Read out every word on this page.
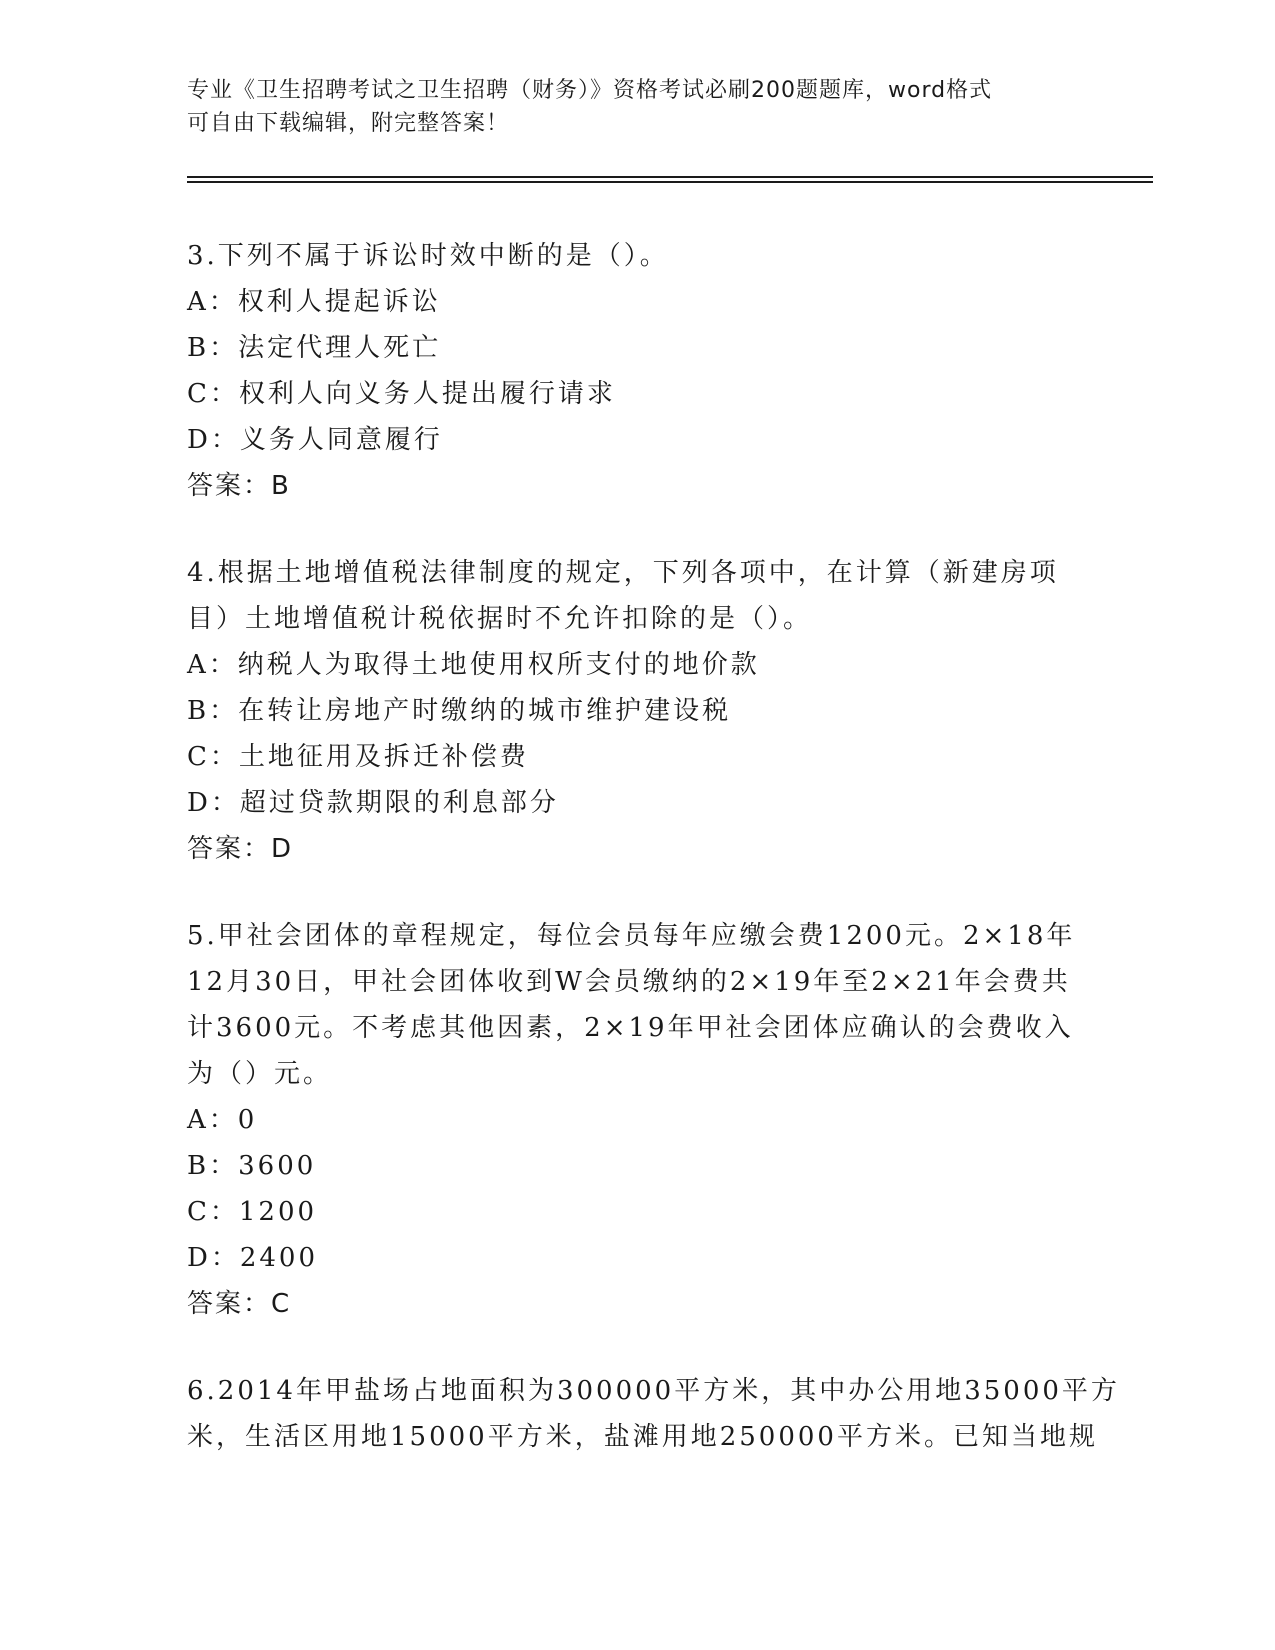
专业《卫生招聘考试之卫生招聘（财务）》资格考试必刷200题题库，word格式
可自由下载编辑，附完整答案！
3.下列不属于诉讼时效中断的是（）。
A：权利人提起诉讼
B：法定代理人死亡
C：权利人向义务人提出履行请求
D：义务人同意履行
答案：B
4.根据土地增值税法律制度的规定，下列各项中，在计算（新建房项
目）土地增值税计税依据时不允许扣除的是（）。
A：纳税人为取得土地使用权所支付的地价款
B：在转让房地产时缴纳的城市维护建设税
C：土地征用及拆迁补偿费
D：超过贷款期限的利息部分
答案：D
5.甲社会团体的章程规定，每位会员每年应缴会费1200元。2×18年
12月30日，甲社会团体收到W会员缴纳的2×19年至2×21年会费共
计3600元。不考虑其他因素，2×19年甲社会团体应确认的会费收入
为（）元。
A：0
B：3600
C：1200
D：2400
答案：C
6.2014年甲盐场占地面积为300000平方米，其中办公用地35000平方
米，生活区用地15000平方米，盐滩用地250000平方米。已知当地规
